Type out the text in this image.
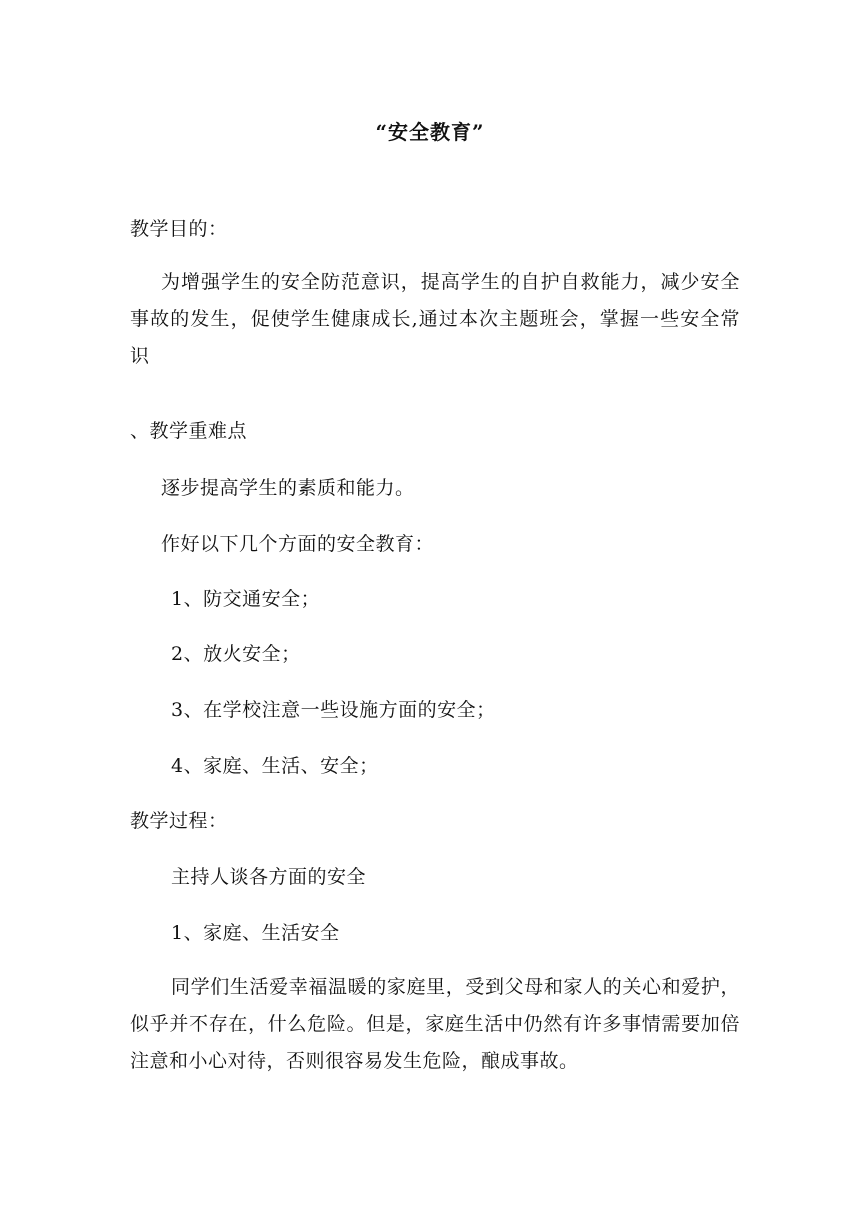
“安全教育”
教学目的：
为增强学生的安全防范意识，提高学生的自护自救能力，减少安全事故的发生，促使学生健康成长,通过本次主题班会，掌握一些安全常识
、教学重难点
逐步提高学生的素质和能力。
作好以下几个方面的安全教育：
1、防交通安全；
2、放火安全；
3、在学校注意一些设施方面的安全；
4、家庭、生活、安全；
教学过程：
主持人谈各方面的安全
1、家庭、生活安全
同学们生活爱幸福温暖的家庭里，受到父母和家人的关心和爱护，似乎并不存在，什么危险。但是，家庭生活中仍然有许多事情需要加倍注意和小心对待，否则很容易发生危险，酿成事故。
